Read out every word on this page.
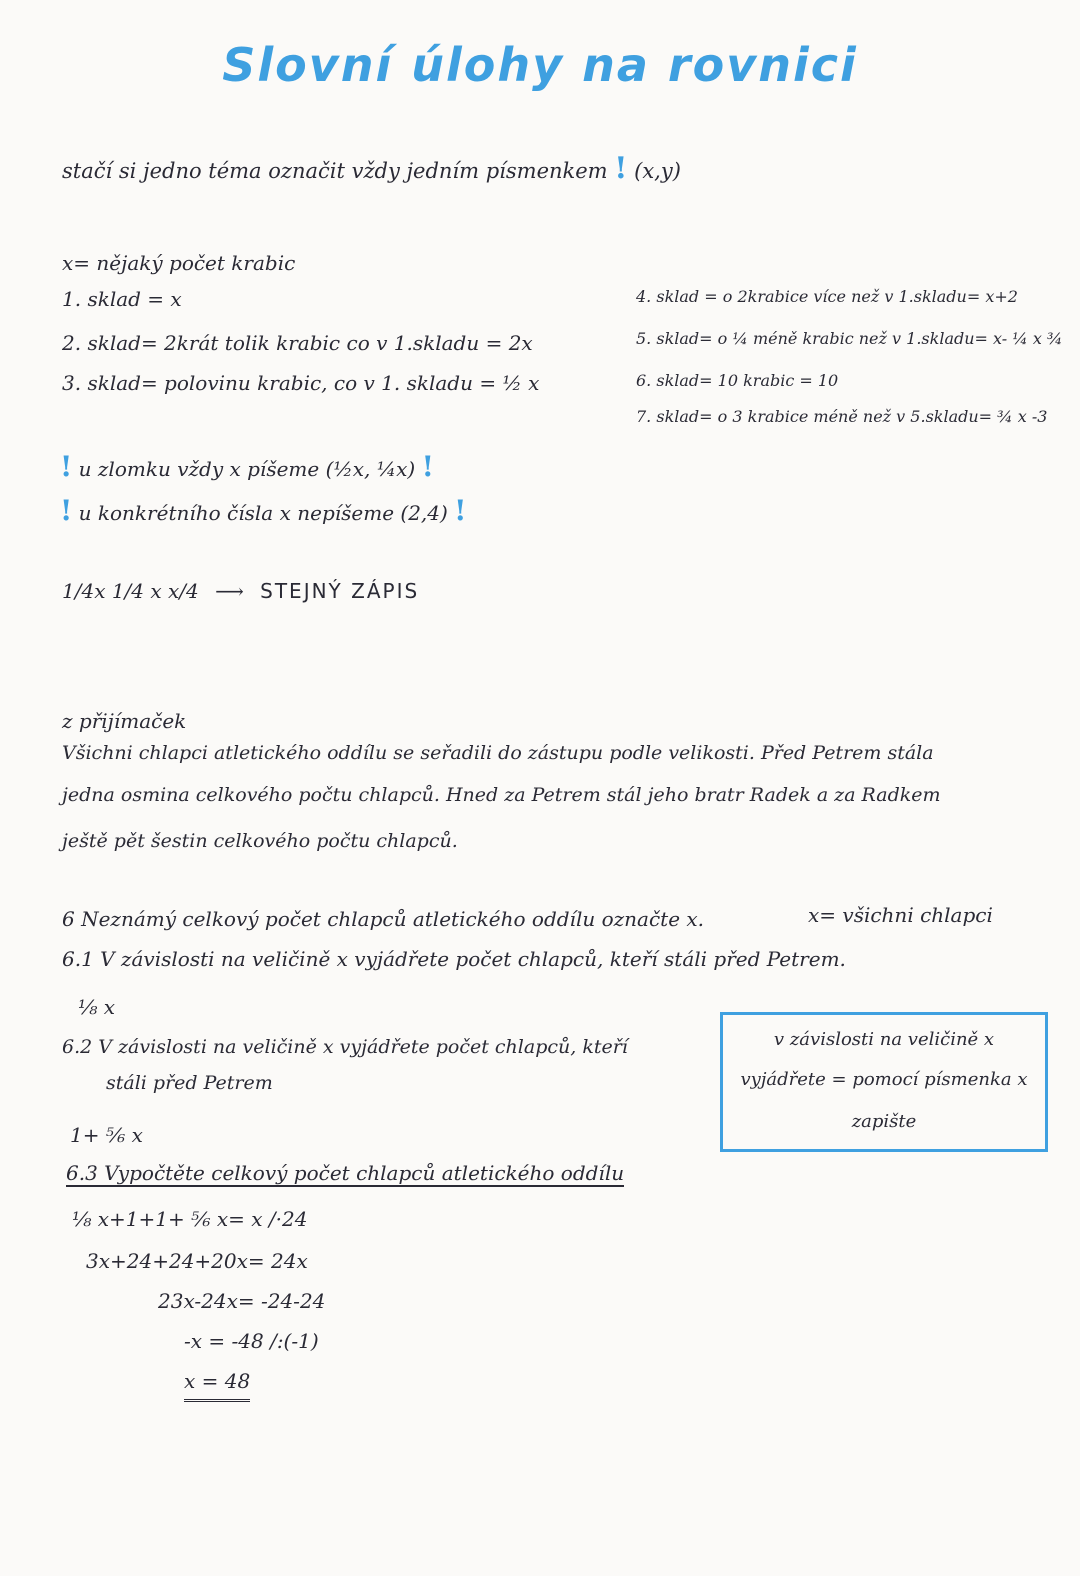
Slovní úlohy na rovnici
stačí si jedno téma označit vždy jedním písmenkem ! (x,y)
x= nějaký počet krabic
1. sklad = x
2. sklad= 2krát tolik krabic co v 1.skladu = 2x
3. sklad= polovinu krabic, co v 1. skladu = ½ x
4. sklad = o 2krabice více než v 1.skladu= x+2
5. sklad= o ¼ méně krabic než v 1.skladu= x- ¼ x ¾
6. sklad= 10 krabic = 10
7. sklad= o 3 krabice méně než v 5.skladu= ¾ x -3
! u zlomku vždy x píšeme (½x, ¼x) !
! u konkrétního čísla x nepíšeme (2,4) !
1/4x 1/4 x x/4 ⟶ STEJNÝ ZÁPIS
z přijímaček
Všichni chlapci atletického oddílu se seřadili do zástupu podle velikosti. Před Petrem stála
jedna osmina celkového počtu chlapců. Hned za Petrem stál jeho bratr Radek a za Radkem
ještě pět šestin celkového počtu chlapců.
6 Neznámý celkový počet chlapců atletického oddílu označte x.	x= všichni chlapci
6.1 V závislosti na veličině x vyjádřete počet chlapců, kteří stáli před Petrem.
⅛ x
6.2 V závislosti na veličině x vyjádřete počet chlapců, kteří
stáli před Petrem
1+ ⅚ x
v závislosti na veličině x
vyjádřete = pomocí písmenka x
zapište
6.3 Vypočtěte celkový počet chlapců atletického oddílu
⅛ x+1+1+ ⅚ x= x /·24
3x+24+24+20x= 24x
23x-24x= -24-24
-x = -48 /:(-1)
x = 48
